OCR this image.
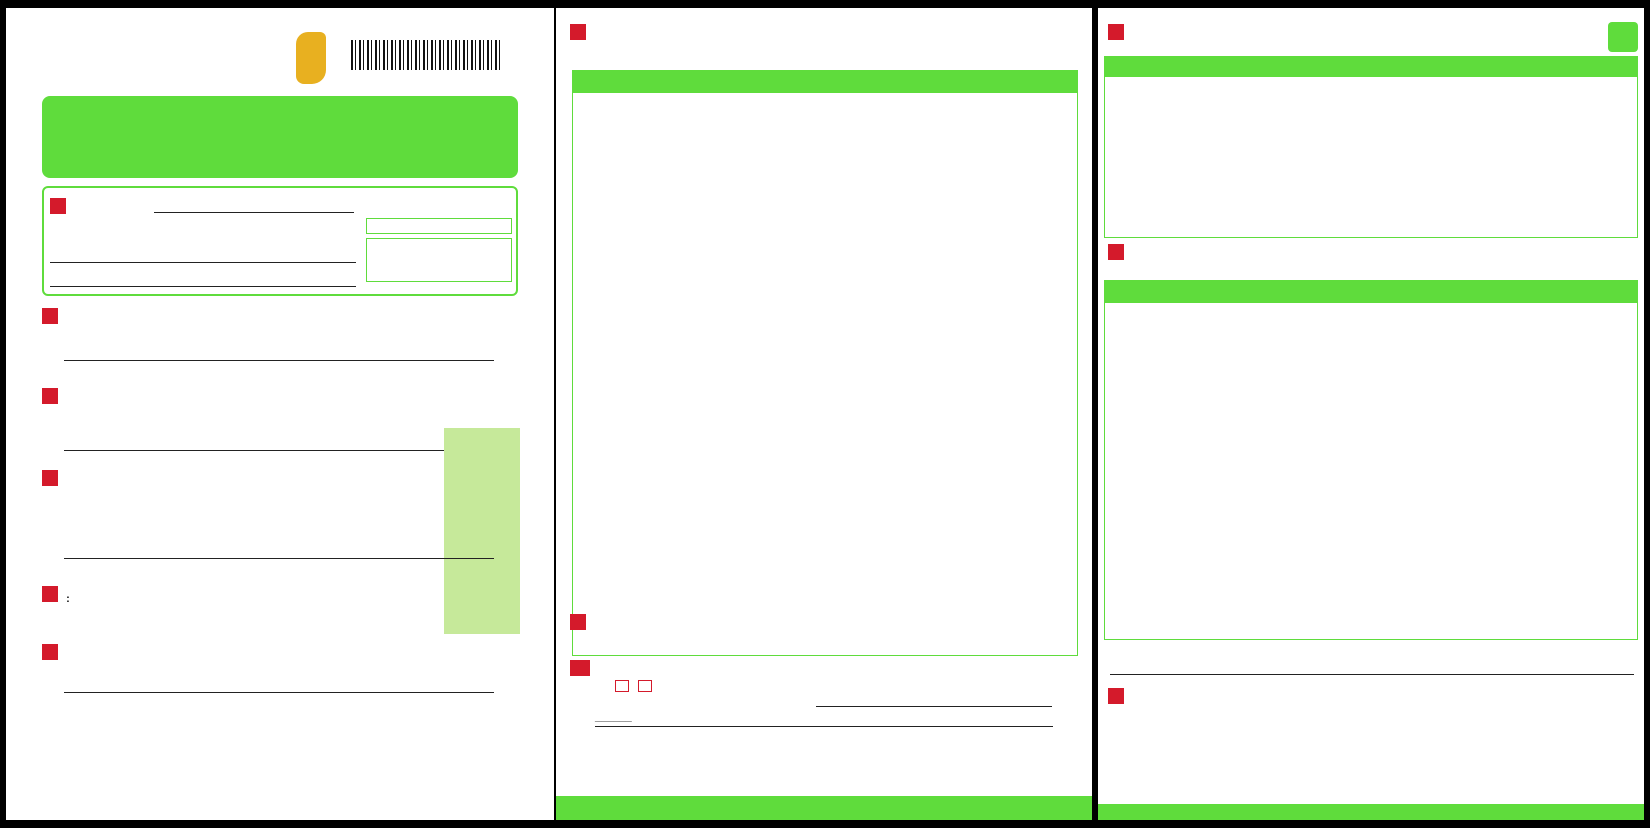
:

______
